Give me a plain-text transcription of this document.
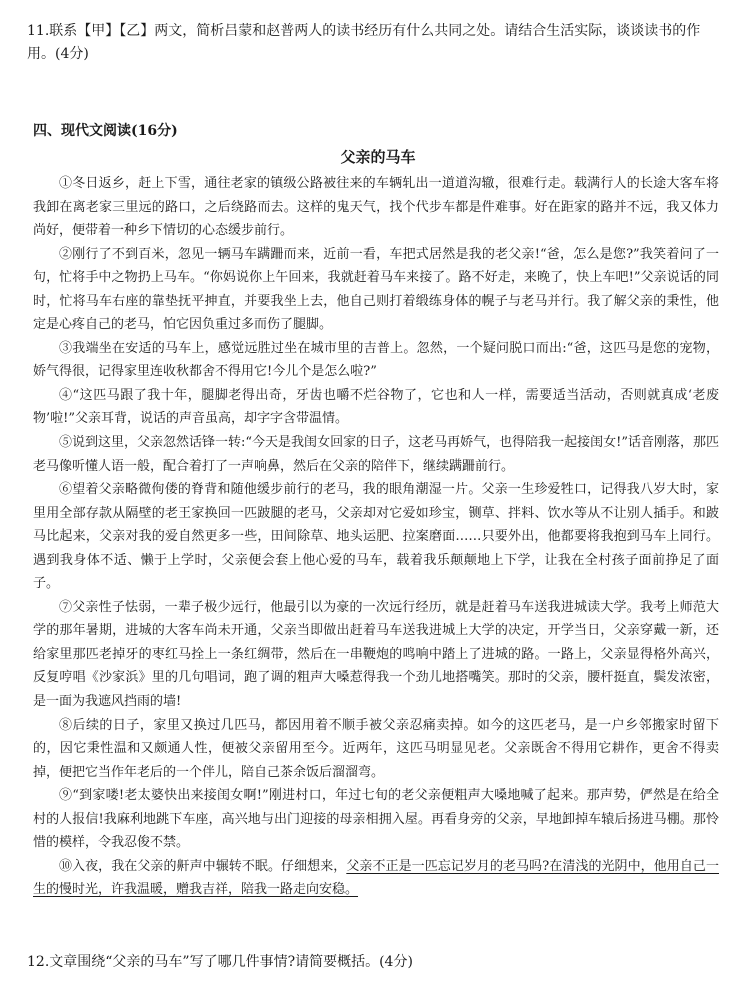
11.联系【甲】【乙】两文，简析吕蒙和赵普两人的读书经历有什么共同之处。请结合生活实际，谈谈读书的作用。(4分)
四、现代文阅读(16分)
父亲的马车

①冬日返乡，赶上下雪，通往老家的镇级公路被往来的车辆轧出一道道沟辙，很难行走。载满行人的长途大客车将我卸在离老家三里远的路口，之后绕路而去。这样的鬼天气，找个代步车都是件难事。好在距家的路并不远，我又体力尚好，便带着一种乡下情切的心态缓步前行。

②刚行了不到百米，忽见一辆马车蹒跚而来，近前一看，车把式居然是我的老父亲!“爸，怎么是您?”我笑着问了一句，忙将手中之物扔上马车。“你妈说你上午回来，我就赶着马车来接了。路不好走，来晚了，快上车吧!”父亲说话的同时，忙将马车右座的靠垫抚平抻直，并要我坐上去，他自己则打着缎练身体的幌子与老马并行。我了解父亲的秉性，他定是心疼自己的老马，怕它因负重过多而伤了腿脚。

③我端坐在安适的马车上，感觉远胜过坐在城市里的吉普上。忽然，一个疑问脱口而出:“爸，这匹马是您的宠物，娇气得很，记得家里连收秋都舍不得用它!今儿个是怎么啦?”

④“这匹马跟了我十年，腿脚老得出奇，牙齿也嚼不烂谷物了，它也和人一样，需要适当活动，否则就真成‘老废物’啦!”父亲耳背，说话的声音虽高，却字字含带温情。

⑤说到这里，父亲忽然话锋一转:“今天是我闺女回家的日子，这老马再娇气，也得陪我一起接闺女!”话音刚落，那匹老马像听懂人语一般，配合着打了一声响鼻，然后在父亲的陪伴下，继续蹒跚前行。

⑥望着父亲略微佝偻的脊背和随他缓步前行的老马，我的眼角潮湿一片。父亲一生珍爱牲口，记得我八岁大时，家里用全部存款从隔壁的老王家换回一匹跛腿的老马，父亲却对它爱如珍宝，铡草、拌料、饮水等从不让别人插手。和跛马比起来，父亲对我的爱自然更多一些，田间除草、地头运肥、拉案磨面……只要外出，他都要将我抱到马车上同行。遇到我身体不适、懒于上学时，父亲便会套上他心爱的马车，载着我乐颠颠地上下学，让我在全村孩子面前挣足了面子。

⑦父亲性子怯弱，一辈子极少远行，他最引以为豪的一次远行经历，就是赶着马车送我进城读大学。我考上师范大学的那年暑期，进城的大客车尚未开通，父亲当即做出赶着马车送我进城上大学的决定，开学当日，父亲穿戴一新，还给家里那匹老掉牙的枣红马拴上一条红绸带，然后在一串鞭炮的鸣响中踏上了进城的路。一路上，父亲显得格外高兴，反复哼唱《沙家浜》里的几句唱词，跑了调的粗声大嗓惹得我一个劲儿地搭嘴笑。那时的父亲，腰杆挺直，鬓发浓密，是一面为我遮风挡雨的墙!

⑧后续的日子，家里又换过几匹马，都因用着不顺手被父亲忍痛卖掉。如今的这匹老马，是一户乡邻搬家时留下的，因它秉性温和又颇通人性，便被父亲留用至今。近两年，这匹马明显见老。父亲既舍不得用它耕作，更舍不得卖掉，便把它当作年老后的一个伴儿，陪自己茶余饭后溜溜弯。

⑨“到家喽!老太婆快出来接闺女啊!”刚进村口，年过七旬的老父亲便粗声大嗓地喊了起来。那声势，俨然是在给全村的人报信!我麻利地跳下车座，高兴地与出门迎接的母亲相拥入屋。再看身旁的父亲，早地卸掉车辕后扬进马棚。那怜惜的模样，令我忍俊不禁。

⑩入夜，我在父亲的鼾声中辗转不眠。仔细想来，父亲不正是一匹忘记岁月的老马吗?在清浅的光阴中，他用自己一生的慢时光，许我温暖，赠我吉祥，陪我一路走向安稳。

12.文章围绕“父亲的马车”写了哪几件事情?请简要概括。(4分)
